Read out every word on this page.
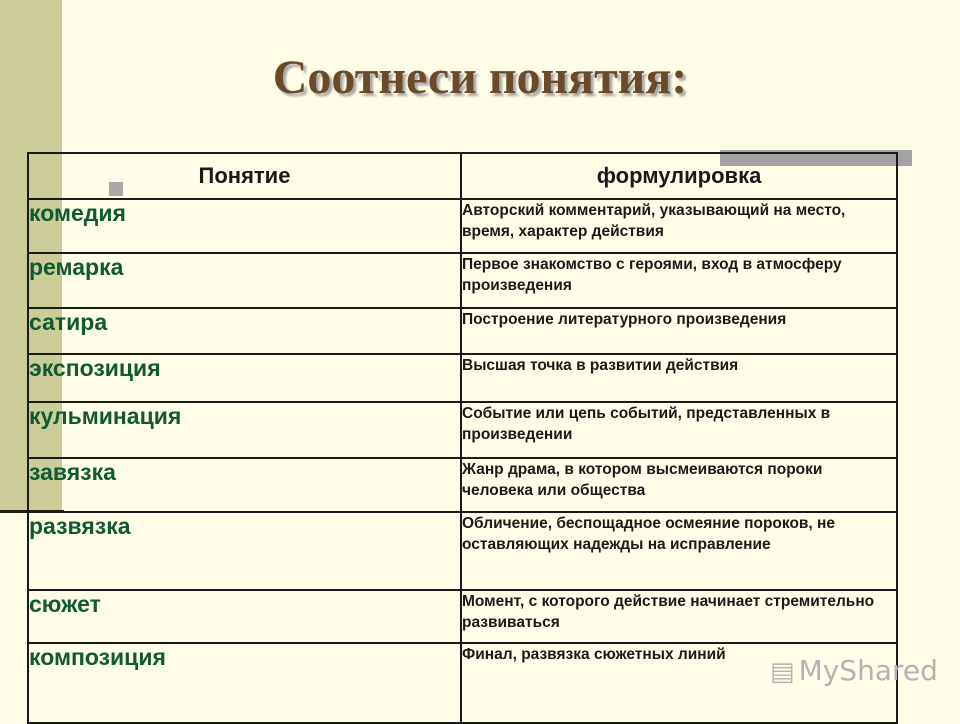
Соотнеси понятия:
Понятие	формулировка
комедия	Авторский комментарий, указывающий на место, время, характер действия
ремарка	Первое знакомство с героями, вход в атмосферу произведения
сатира	Построение литературного произведения
экспозиция	Высшая точка в развитии действия
кульминация	Событие или цепь событий, представленных в произведении
завязка	Жанр драма, в котором высмеиваются пороки человека или общества
развязка	Обличение, беспощадное осмеяние пороков, не оставляющих надежды на исправление
сюжет	Момент, с которого действие начинает стремительно развиваться
композиция	Финал, развязка сюжетных линий
▤ MyShared
